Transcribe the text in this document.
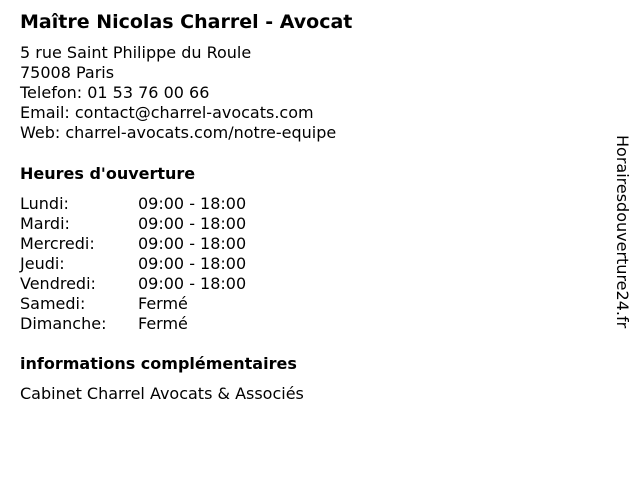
Maître Nicolas Charrel - Avocat
5 rue Saint Philippe du Roule
75008 Paris
Telefon: 01 53 76 00 66
Email: contact@charrel-avocats.com
Web: charrel-avocats.com/notre-equipe
Heures d'ouverture
Lundi:	09:00 - 18:00
Mardi:	09:00 - 18:00
Mercredi:	09:00 - 18:00
Jeudi:	09:00 - 18:00
Vendredi:	09:00 - 18:00
Samedi:	Fermé
Dimanche:	Fermé
informations complémentaires
Cabinet Charrel Avocats & Associés
Horairesdouverture24.fr
